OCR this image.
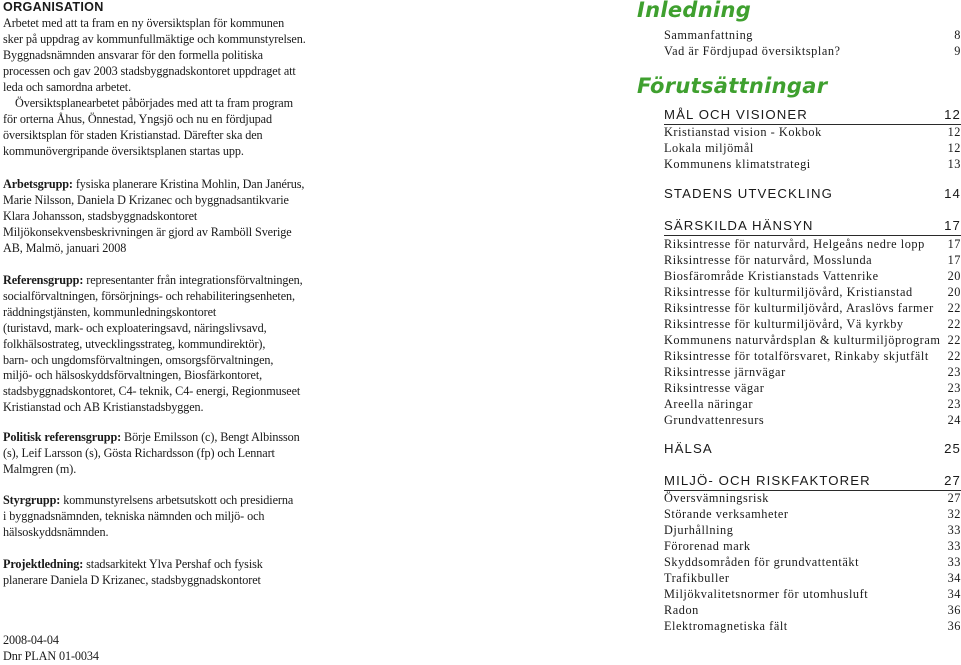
ORGANISATION
Arbetet med att ta fram en ny översiktsplan för kommunen
sker på uppdrag av kommunfullmäktige och kommunstyrelsen.
Byggnadsnämnden ansvarar för den formella politiska
processen och gav 2003 stadsbyggnadskontoret uppdraget att
leda och samordna arbetet.
Översiktsplanearbetet påbörjades med att ta fram program
för orterna Åhus, Önnestad, Yngsjö och nu en fördjupad
översiktsplan för staden Kristianstad. Därefter ska den
kommunövergripande översiktsplanen startas upp.
Arbetsgrupp: fysiska planerare Kristina Mohlin, Dan Janérus,
Marie Nilsson, Daniela D Krizanec och byggnadsantikvarie
Klara Johansson, stadsbyggnadskontoret
Miljökonsekvensbeskrivningen är gjord av Ramböll Sverige
AB, Malmö, januari 2008
Referensgrupp: representanter från integrationsförvaltningen,
socialförvaltningen, försörjnings- och rehabiliteringsenheten,
räddningstjänsten, kommunledningskontoret
(turistavd, mark- och exploateringsavd, näringslivsavd,
folkhälsostrateg, utvecklingsstrateg, kommundirektör),
barn- och ungdomsförvaltningen, omsorgsförvaltningen,
miljö- och hälsoskyddsförvaltningen, Biosfärkontoret,
stadsbyggnadskontoret, C4- teknik, C4- energi, Regionmuseet
Kristianstad och AB Kristianstadsbyggen.
Politisk referensgrupp: Börje Emilsson (c), Bengt Albinsson
(s), Leif Larsson (s), Gösta Richardsson (fp) och Lennart
Malmgren (m).
Styrgrupp: kommunstyrelsens arbetsutskott och presidierna
i byggnadsnämnden, tekniska nämnden och miljö- och
hälsoskyddsnämnden.
Projektledning: stadsarkitekt Ylva Pershaf och fysisk
planerare Daniela D Krizanec, stadsbyggnadskontoret
2008-04-04
Dnr PLAN 01-0034
Inledning
Sammanfattning	8
Vad är Fördjupad översiktsplan?	9
Förutsättningar
MÅL OCH VISIONER	12
Kristianstad vision - Kokbok	12
Lokala miljömål	12
Kommunens klimatstrategi	13
STADENS UTVECKLING	14
SÄRSKILDA HÄNSYN	17
Riksintresse för naturvård, Helgeåns nedre lopp 17
Riksintresse för naturvård, Mosslunda	17
Biosfärområde Kristianstads Vattenrike	20
Riksintresse för kulturmiljövård, Kristianstad	20
Riksintresse för kulturmiljövård, Araslövs farmer 22
Riksintresse för kulturmiljövård, Vä kyrkby	22
Kommunens naturvårdsplan & kulturmiljöprogram 22
Riksintresse för totalförsvaret, Rinkaby skjutfält 22
Riksintresse järnvägar	23
Riksintresse vägar	23
Areella näringar	23
Grundvattenresurs	24
HÄLSA	25
MILJÖ- OCH RISKFAKTORER	27
Översvämningsrisk	27
Störande verksamheter	32
Djurhållning	33
Förorenad mark	33
Skyddsområden för grundvattentäkt	33
Trafikbuller	34
Miljökvalitetsnormer för utomhusluft	34
Radon	36
Elektromagnetiska fält	36
